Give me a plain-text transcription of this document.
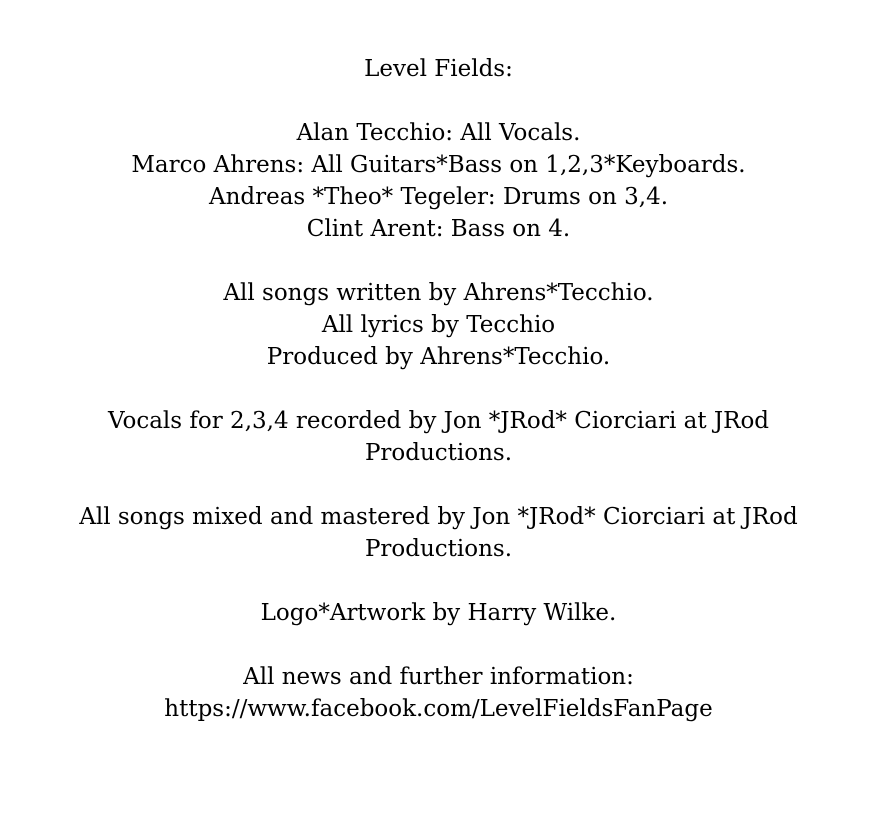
Level Fields:
Alan Tecchio: All Vocals.
Marco Ahrens: All Guitars*Bass on 1,2,3*Keyboards.
Andreas *Theo* Tegeler: Drums on 3,4.
Clint Arent: Bass on 4.
All songs written by Ahrens*Tecchio.
All lyrics by Tecchio
Produced by Ahrens*Tecchio.
Vocals for 2,3,4 recorded by Jon *JRod* Ciorciari at JRod
Productions.
All songs mixed and mastered by Jon *JRod* Ciorciari at JRod
Productions.
Logo*Artwork by Harry Wilke.
All news and further information:
https://www.facebook.com/LevelFieldsFanPage
